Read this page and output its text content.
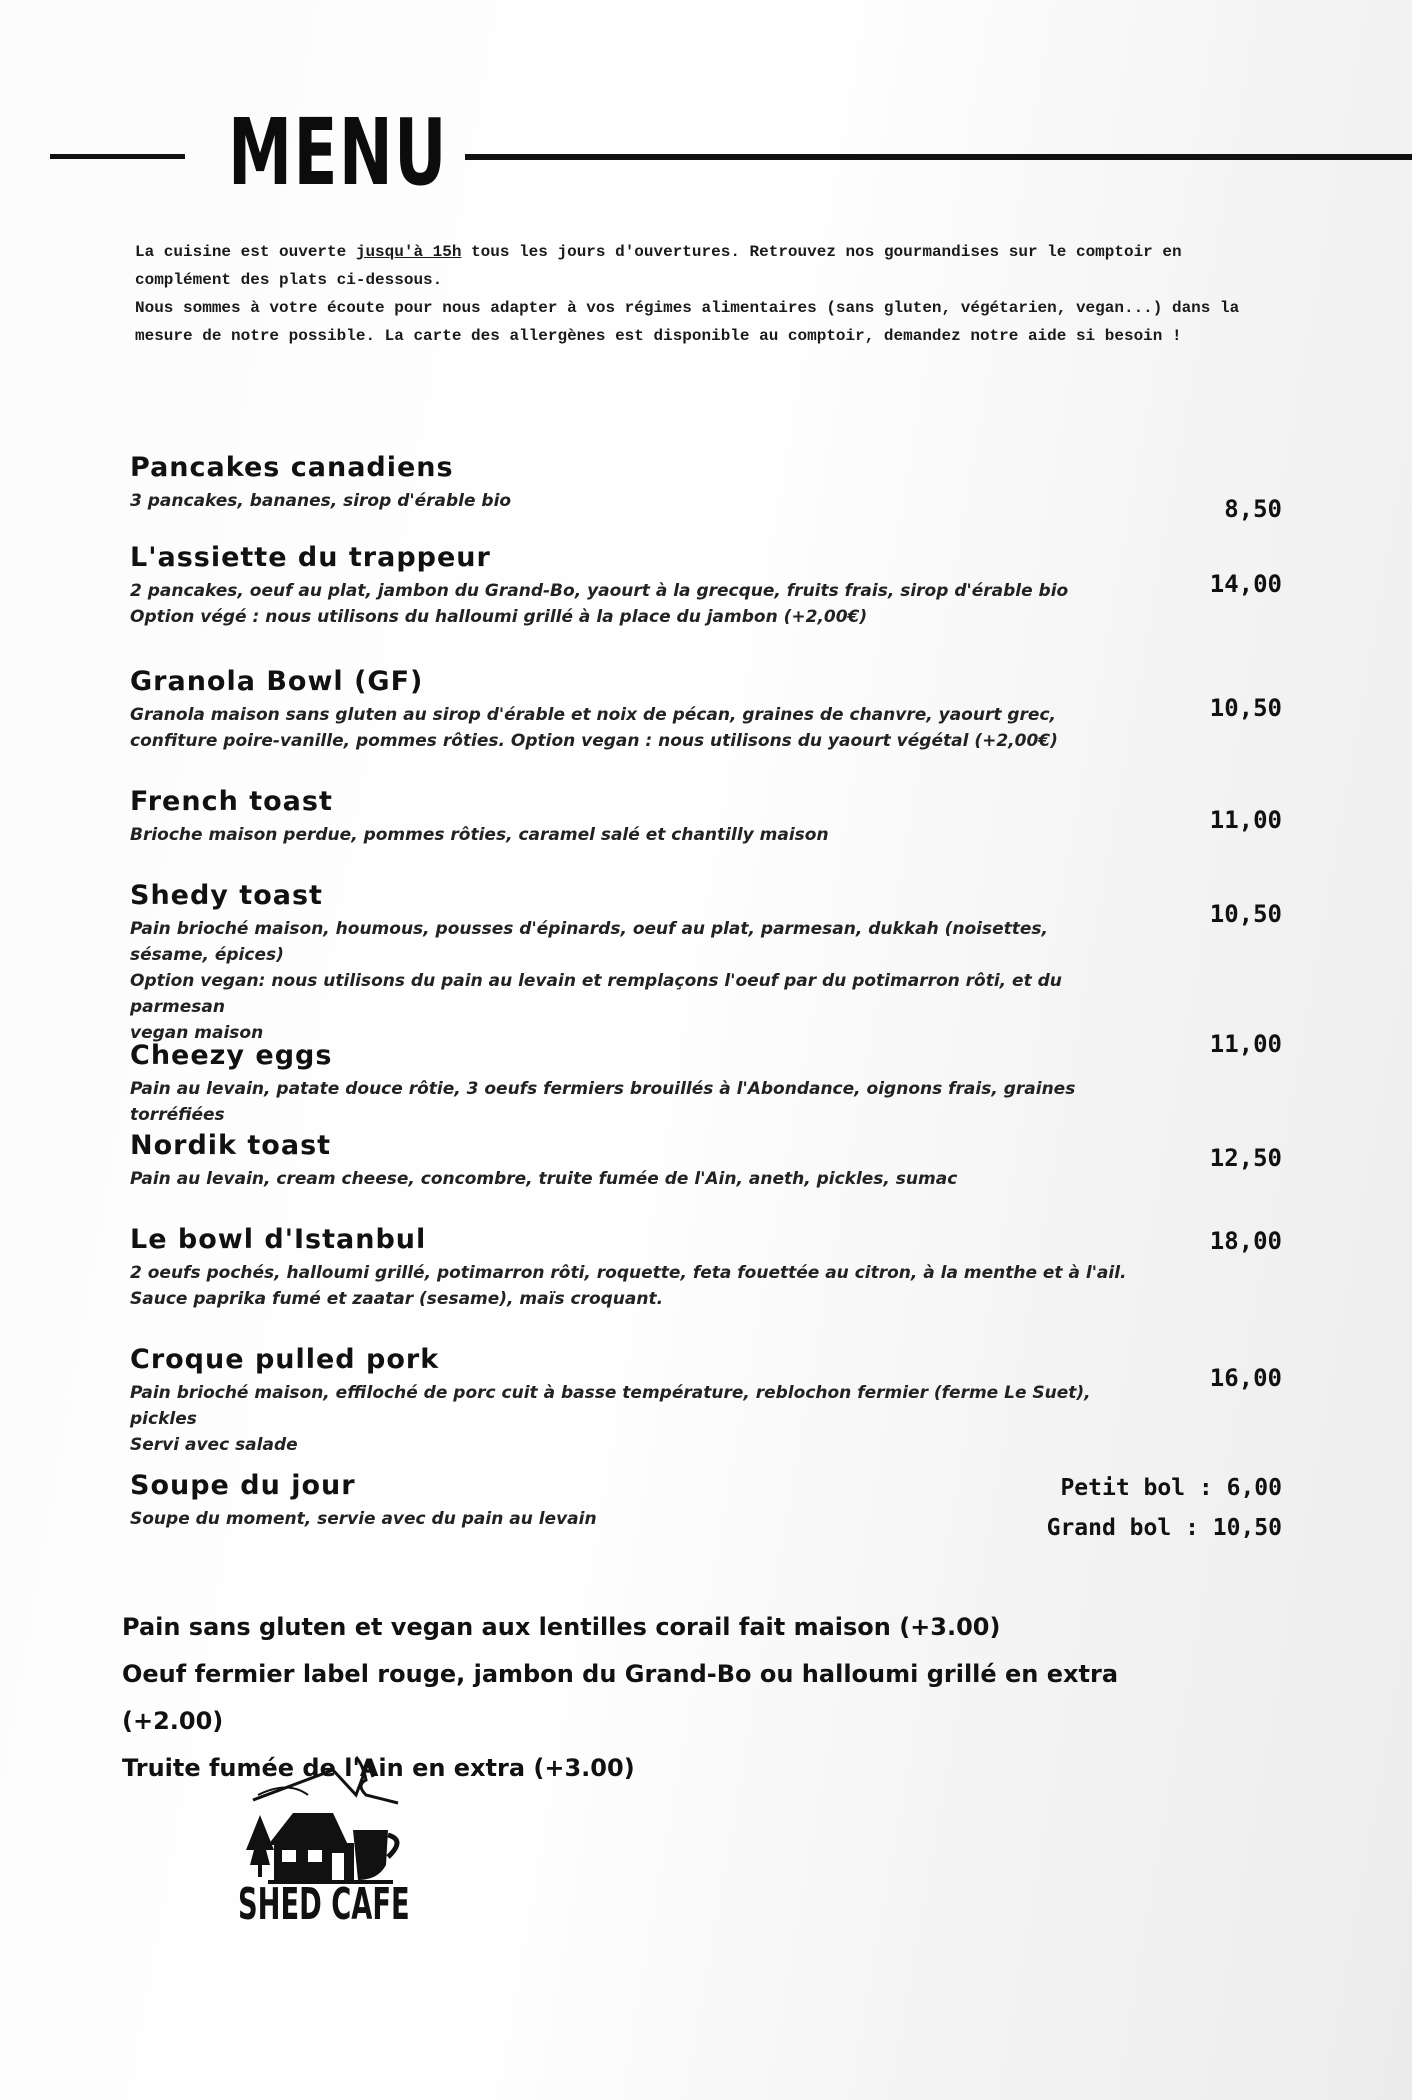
MENU

La cuisine est ouverte jusqu'à 15h tous les jours d'ouvertures. Retrouvez nos gourmandises sur le comptoir en complément des plats ci-dessous.

Nous sommes à votre écoute pour nous adapter à vos régimes alimentaires (sans gluten, végétarien, vegan...) dans la mesure de notre possible. La carte des allergènes est disponible au comptoir, demandez notre aide si besoin !

Pancakes canadiens
3 pancakes, bananes, sirop d'érable bio	8,50
L'assiette du trappeur
2 pancakes, oeuf au plat, jambon du Grand-Bo, yaourt à la grecque, fruits frais, sirop d'érable bio
Option végé : nous utilisons du halloumi grillé à la place du jambon (+2,00€)
14,00
Granola Bowl (GF)
Granola maison sans gluten au sirop d'érable et noix de pécan, graines de chanvre, yaourt grec,
confiture poire-vanille, pommes rôties. Option vegan : nous utilisons du yaourt végétal (+2,00€)
10,50
French toast
Brioche maison perdue, pommes rôties, caramel salé et chantilly maison
11,00
Shedy toast
Pain brioché maison, houmous, pousses d'épinards, oeuf au plat, parmesan, dukkah (noisettes, sésame, épices)
Option vegan: nous utilisons du pain au levain et remplaçons l'oeuf par du potimarron rôti, et du parmesan
vegan maison
10,50
Cheezy eggs
Pain au levain, patate douce rôtie, 3 oeufs fermiers brouillés à l'Abondance, oignons frais, graines torréfiées
11,00
Nordik toast
Pain au levain, cream cheese, concombre, truite fumée de l'Ain, aneth, pickles, sumac
12,50
Le bowl d'Istanbul
2 oeufs pochés, halloumi grillé, potimarron rôti, roquette, feta fouettée au citron, à la menthe et à l'ail.
Sauce paprika fumé et zaatar (sesame), maïs croquant.
18,00
Croque pulled pork
Pain brioché maison, effiloché de porc cuit à basse température, reblochon fermier (ferme Le Suet), pickles
Servi avec salade
16,00
Soupe du jour
Soupe du moment, servie avec du pain au levain
Petit bol : 6,00
Grand bol : 10,50
Pain sans gluten et vegan aux lentilles corail fait maison (+3.00)
Oeuf fermier label rouge, jambon du Grand-Bo ou halloumi grillé en extra (+2.00)
Truite fumée de l'Ain en extra (+3.00)
SHED CAFE
